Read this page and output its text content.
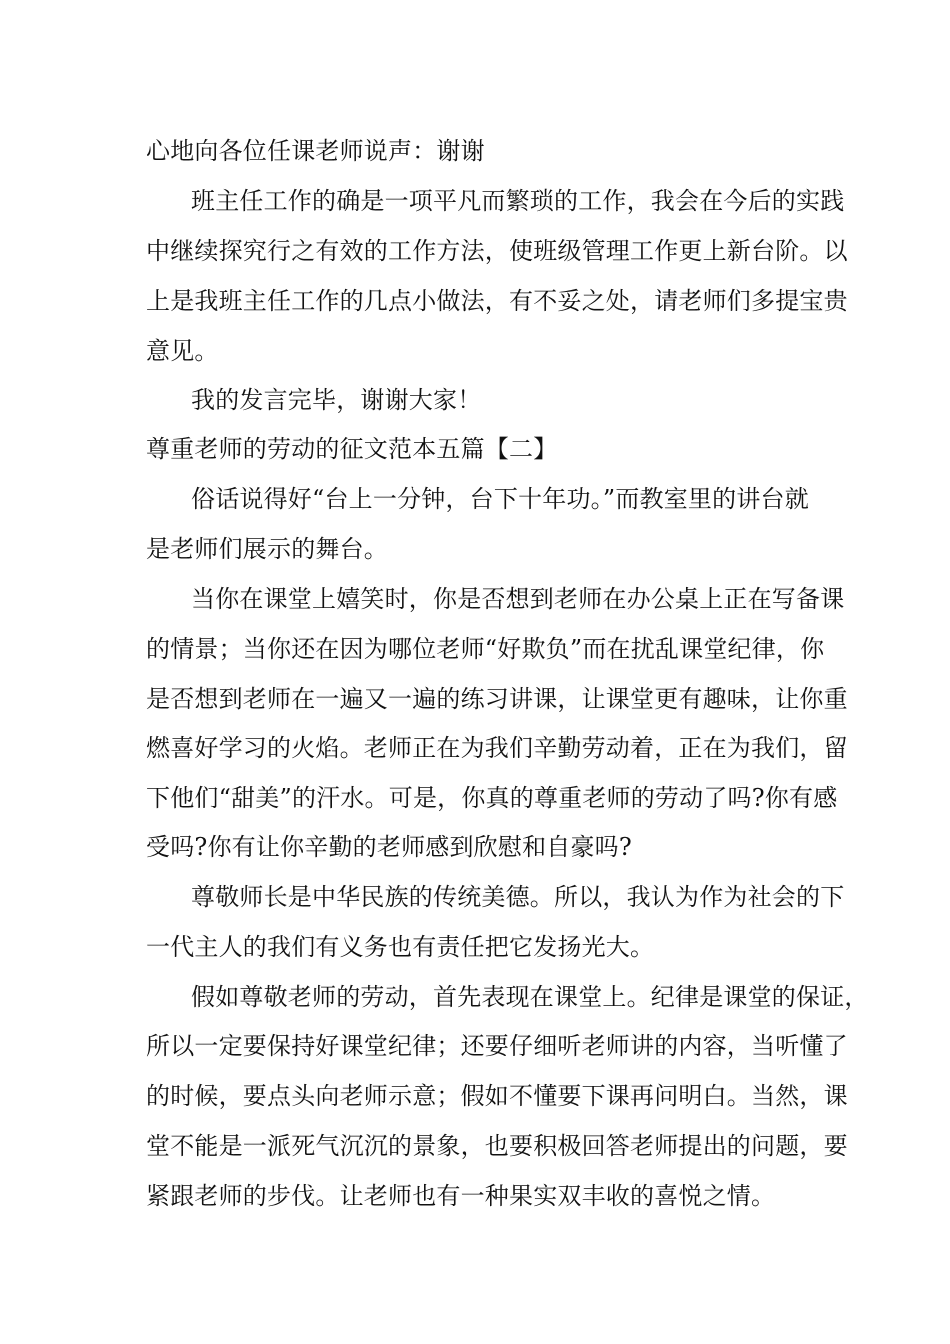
心地向各位任课老师说声：谢谢
班主任工作的确是一项平凡而繁琐的工作，我会在今后的实践
中继续探究行之有效的工作方法，使班级管理工作更上新台阶。以
上是我班主任工作的几点小做法，有不妥之处，请老师们多提宝贵
意见。
我的发言完毕，谢谢大家！
尊重老师的劳动的征文范本五篇【二】
俗话说得好“台上一分钟，台下十年功。”而教室里的讲台就
是老师们展示的舞台。
当你在课堂上嬉笑时，你是否想到老师在办公桌上正在写备课
的情景；当你还在因为哪位老师“好欺负”而在扰乱课堂纪律，你
是否想到老师在一遍又一遍的练习讲课，让课堂更有趣味，让你重
燃喜好学习的火焰。老师正在为我们辛勤劳动着，正在为我们，留
下他们“甜美”的汗水。可是，你真的尊重老师的劳动了吗?你有感
受吗?你有让你辛勤的老师感到欣慰和自豪吗?
尊敬师长是中华民族的传统美德。所以，我认为作为社会的下
一代主人的我们有义务也有责任把它发扬光大。
假如尊敬老师的劳动，首先表现在课堂上。纪律是课堂的保证，
所以一定要保持好课堂纪律；还要仔细听老师讲的内容，当听懂了
的时候，要点头向老师示意；假如不懂要下课再问明白。当然，课
堂不能是一派死气沉沉的景象，也要积极回答老师提出的问题，要
紧跟老师的步伐。让老师也有一种果实双丰收的喜悦之情。
